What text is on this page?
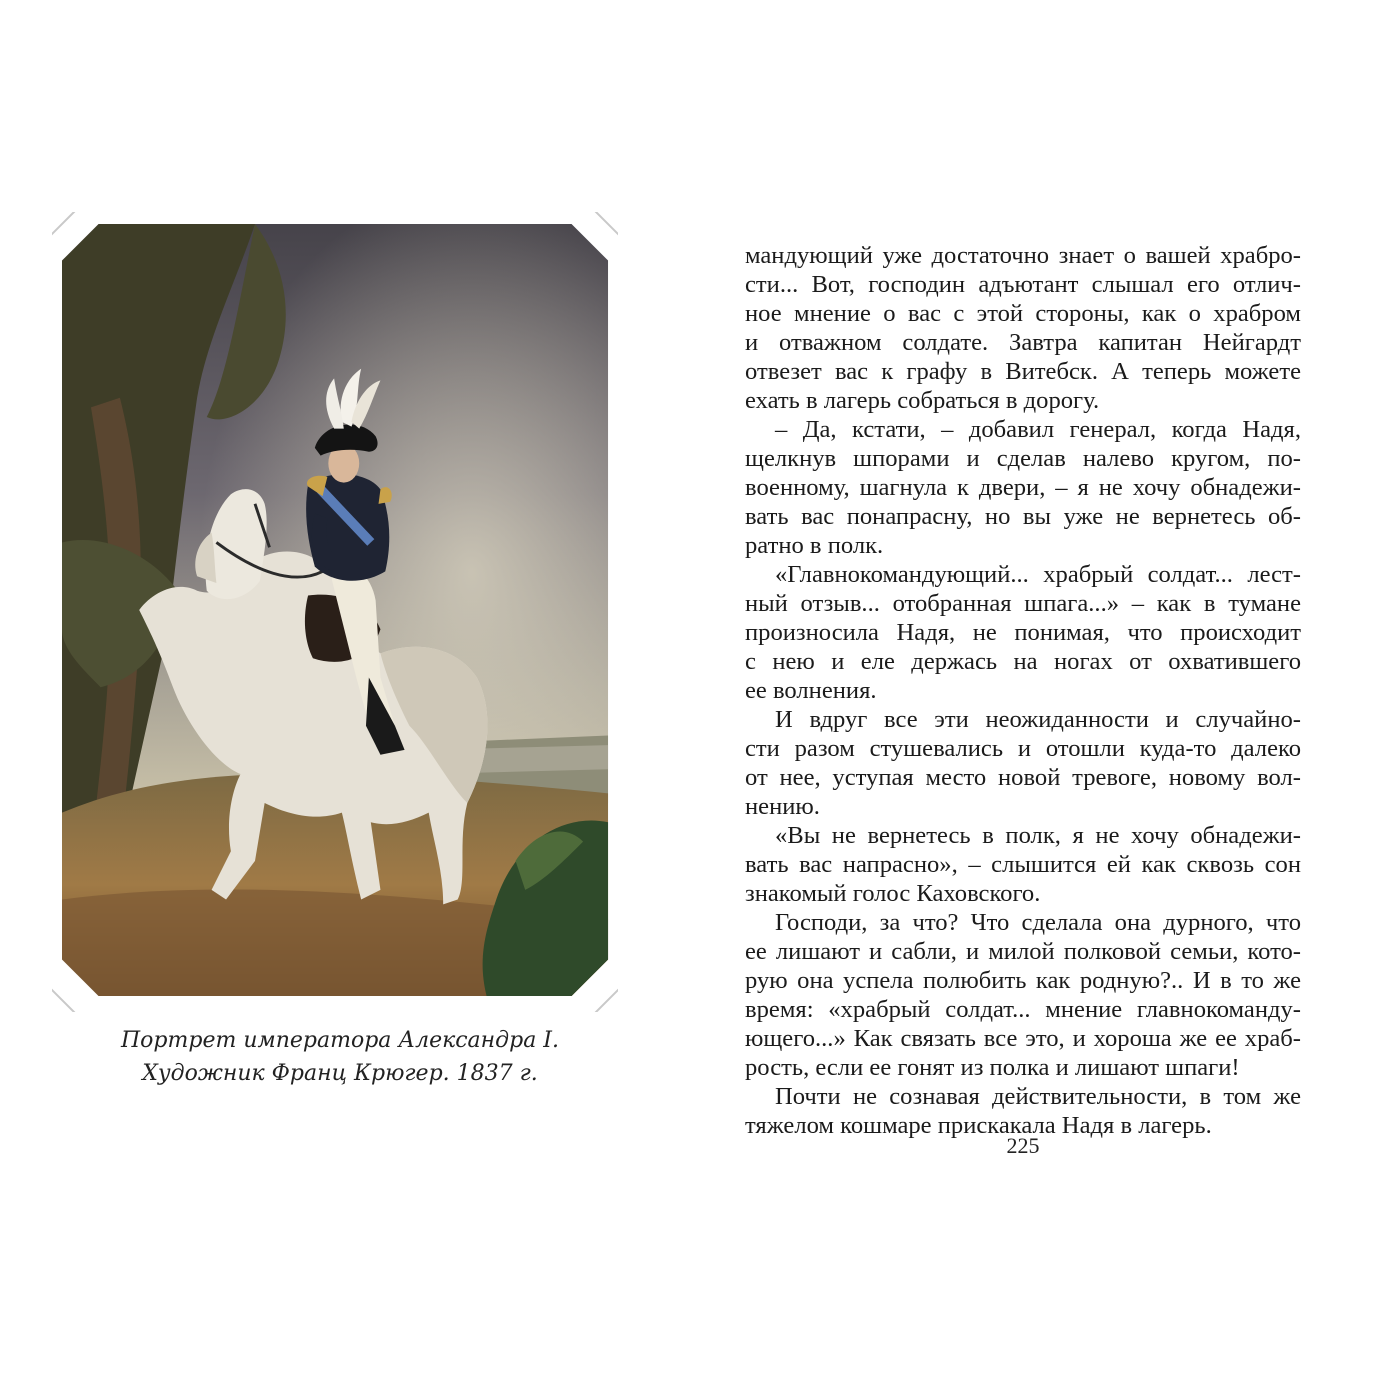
Портрет императора Александра I.
Художник Франц Крюгер. 1837 г.
мандующий уже достаточно знает о вашей храбро-
сти... Вот, господин адъютант слышал его отлич-
ное мнение о вас с этой стороны, как о храбром
и отважном солдате. Завтра капитан Нейгардт
отвезет вас к графу в Витебск. А теперь можете
ехать в лагерь собраться в дорогу.
– Да, кстати, – добавил генерал, когда Надя,
щелкнув шпорами и сделав налево кругом, по-
военному, шагнула к двери, – я не хочу обнадежи-
вать вас понапрасну, но вы уже не вернетесь об-
ратно в полк.
«Главнокомандующий... храбрый солдат... лест-
ный отзыв... отобранная шпага...» – как в тумане
произносила Надя, не понимая, что происходит
с нею и еле держась на ногах от охватившего
ее волнения.
И вдруг все эти неожиданности и случайно-
сти разом стушевались и отошли куда-то далеко
от нее, уступая место новой тревоге, новому вол-
нению.
«Вы не вернетесь в полк, я не хочу обнадежи-
вать вас напрасно», – слышится ей как сквозь сон
знакомый голос Каховского.
Господи, за что? Что сделала она дурного, что
ее лишают и сабли, и милой полковой семьи, кото-
рую она успела полюбить как родную?.. И в то же
время: «храбрый солдат... мнение главнокоманду-
ющего...» Как связать все это, и хороша же ее храб-
рость, если ее гонят из полка и лишают шпаги!
Почти не сознавая действительности, в том же
тяжелом кошмаре прискакала Надя в лагерь.
225
